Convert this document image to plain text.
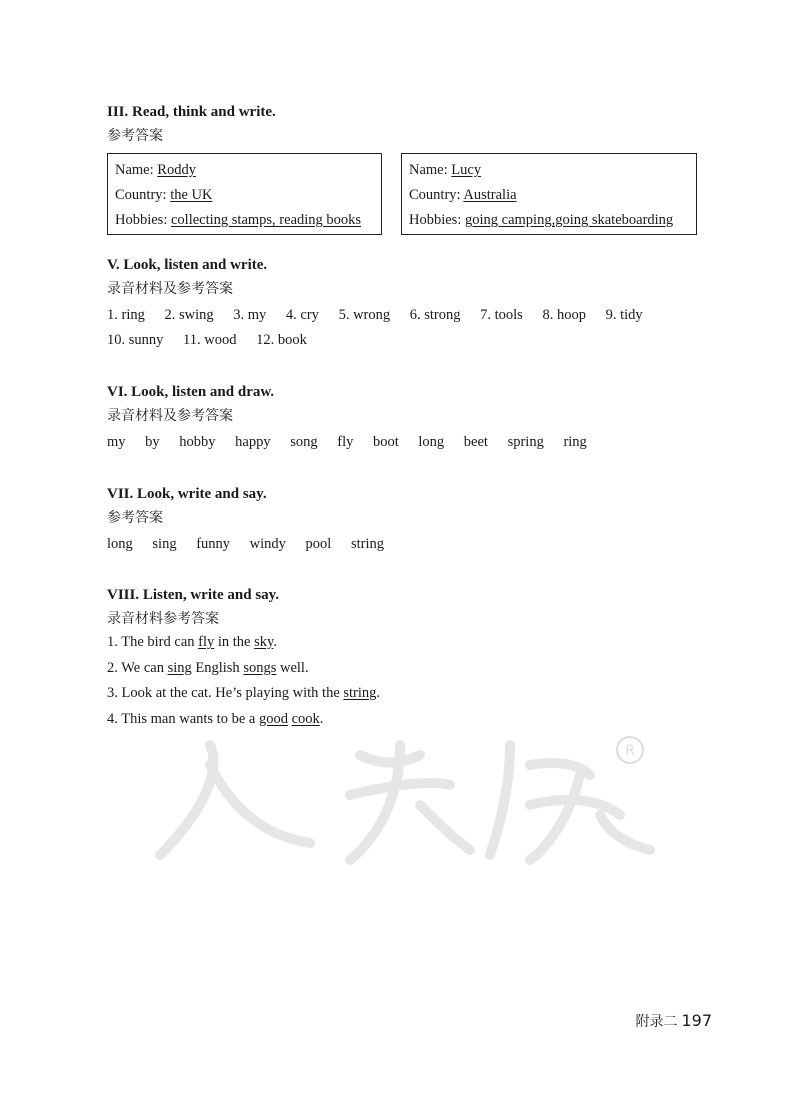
III. Read, think and write.
参考答案
Name: Roddy
Country: the UK
Hobbies: collecting stamps, reading books
Name: Lucy
Country: Australia
Hobbies: going camping,going skateboarding
V. Look, listen and write.
录音材料及参考答案
1. ring 2. swing 3. my 4. cry 5. wrong 6. strong 7. tools 8. hoop 9. tidy
10. sunny 11. wood 12. book
VI. Look, listen and draw.
录音材料及参考答案
my by hobby happy song fly boot long beet spring ring
VII. Look, write and say.
参考答案
long sing funny windy pool string
VIII. Listen, write and say.
录音材料参考答案
1. The bird can fly in the sky.
2. We can sing English songs well.
3. Look at the cat. He’s playing with the string.
4. This man wants to be a good cook.
R
附录二 197
